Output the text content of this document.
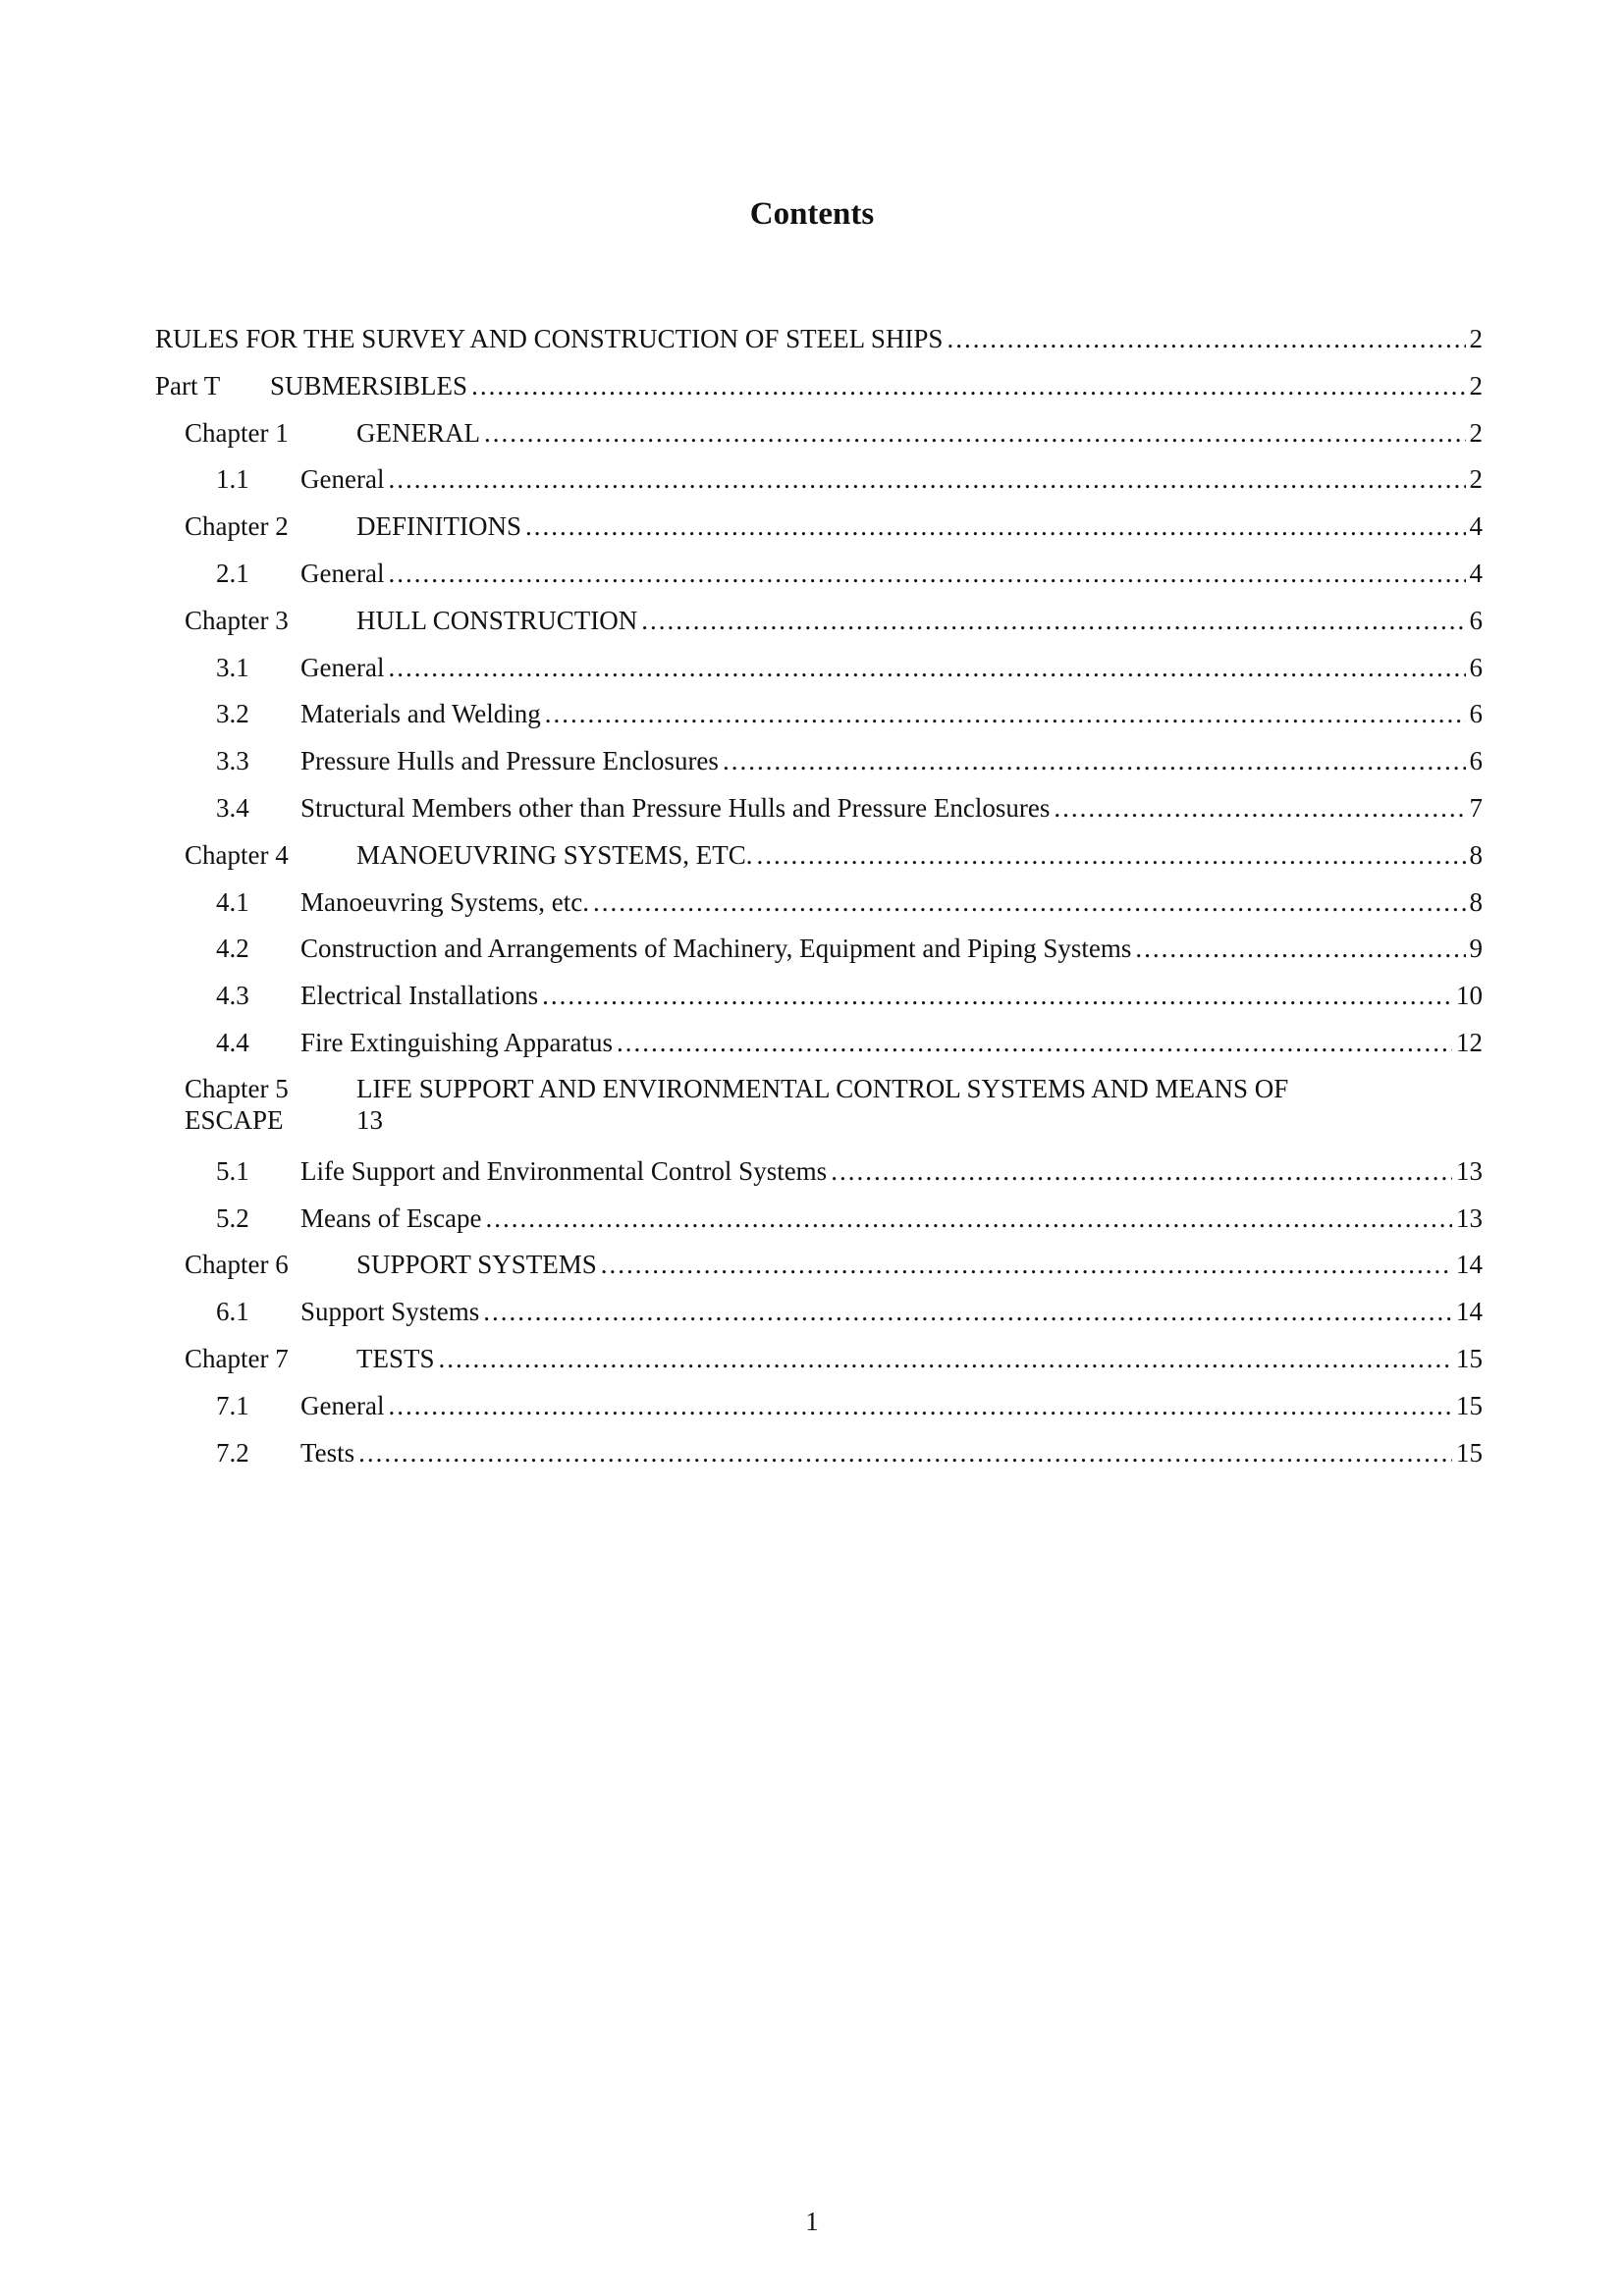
Contents
RULES FOR THE SURVEY AND CONSTRUCTION OF STEEL SHIPS .....	2
Part T	SUBMERSIBLES .....	2
Chapter 1	GENERAL .....	2
1.1	General .....	2
Chapter 2	DEFINITIONS .....	4
2.1	General .....	4
Chapter 3	HULL CONSTRUCTION .....	6
3.1	General .....	6
3.2	Materials and Welding .....	6
3.3	Pressure Hulls and Pressure Enclosures .....	6
3.4	Structural Members other than Pressure Hulls and Pressure Enclosures .....	7
Chapter 4	MANOEUVRING SYSTEMS, ETC. .....	8
4.1	Manoeuvring Systems, etc. .....	8
4.2	Construction and Arrangements of Machinery, Equipment and Piping Systems .....	9
4.3	Electrical Installations .....	10
4.4	Fire Extinguishing Apparatus .....	12
Chapter 5	LIFE SUPPORT AND ENVIRONMENTAL CONTROL SYSTEMS AND MEANS OF
ESCAPE	13
5.1	Life Support and Environmental Control Systems .....	13
5.2	Means of Escape .....	13
Chapter 6	SUPPORT SYSTEMS .....	14
6.1	Support Systems .....	14
Chapter 7	TESTS .....	15
7.1	General .....	15
7.2	Tests .....	15

1
